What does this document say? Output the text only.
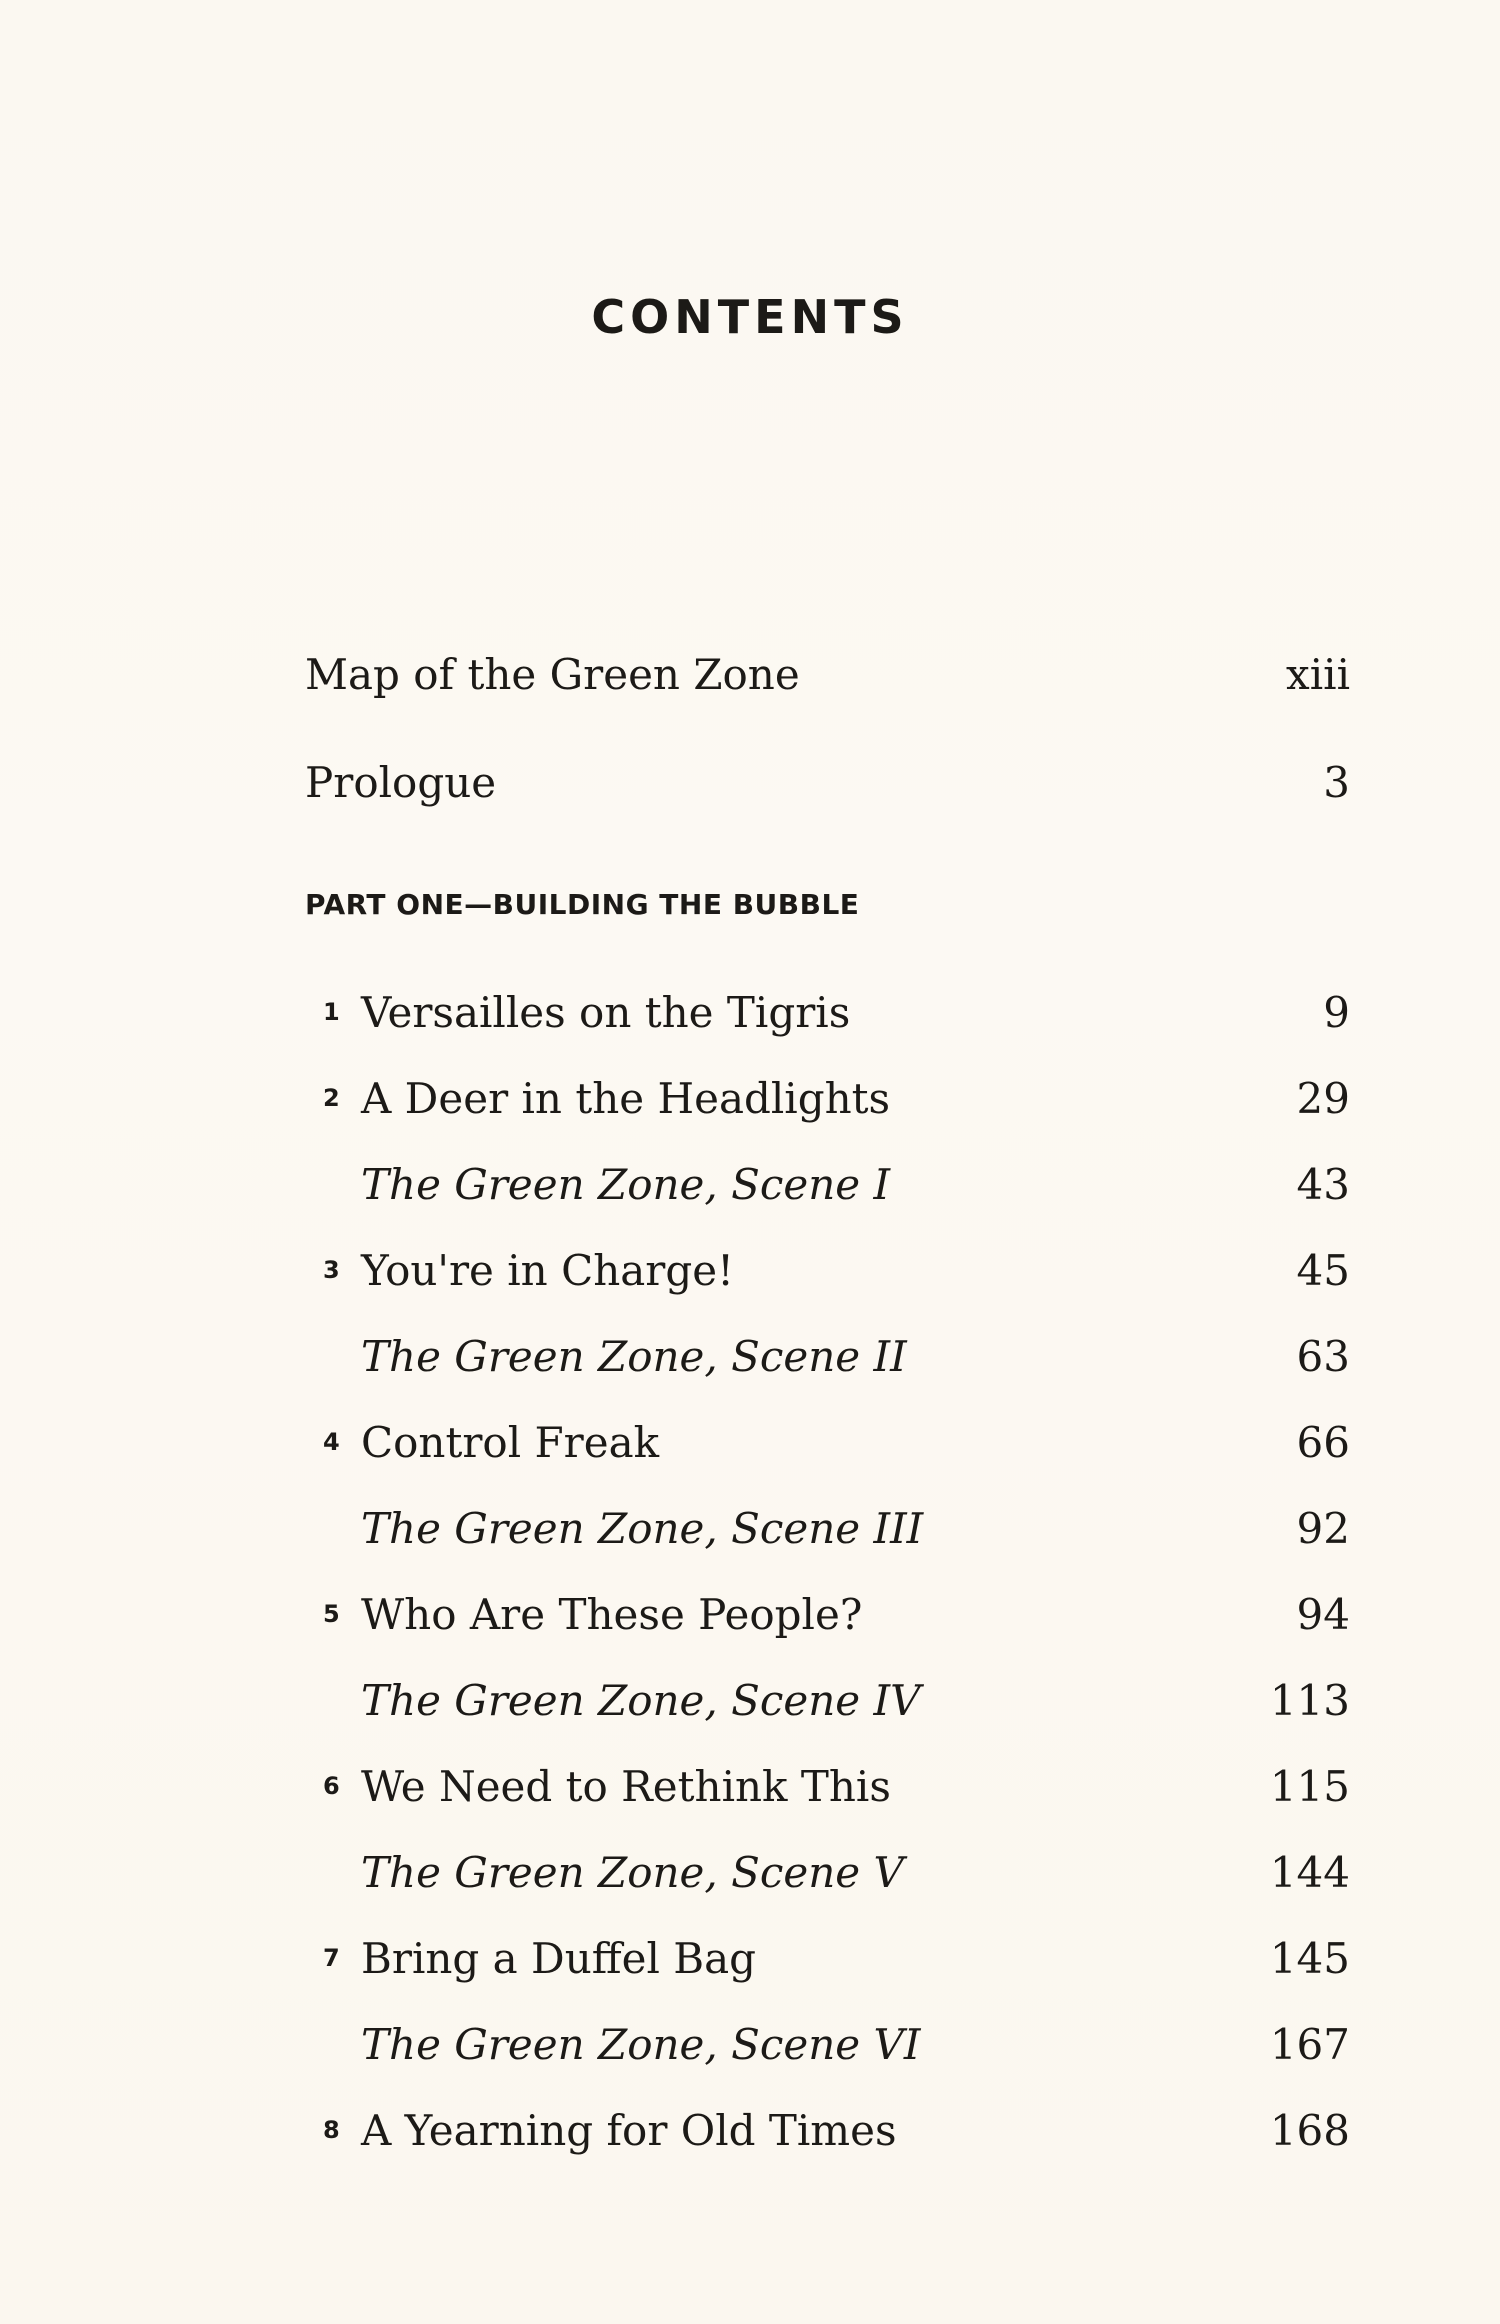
CONTENTS
Map of the Green Zone	xiii
Prologue	3
PART ONE—BUILDING THE BUBBLE
1 Versailles on the Tigris	9
2 A Deer in the Headlights	29
The Green Zone, Scene I	43
3 You're in Charge!	45
The Green Zone, Scene II	63
4 Control Freak	66
The Green Zone, Scene III	92
5 Who Are These People?	94
The Green Zone, Scene IV	113
6 We Need to Rethink This	115
The Green Zone, Scene V	144
7 Bring a Duffel Bag	145
The Green Zone, Scene VI	167
8 A Yearning for Old Times	168
